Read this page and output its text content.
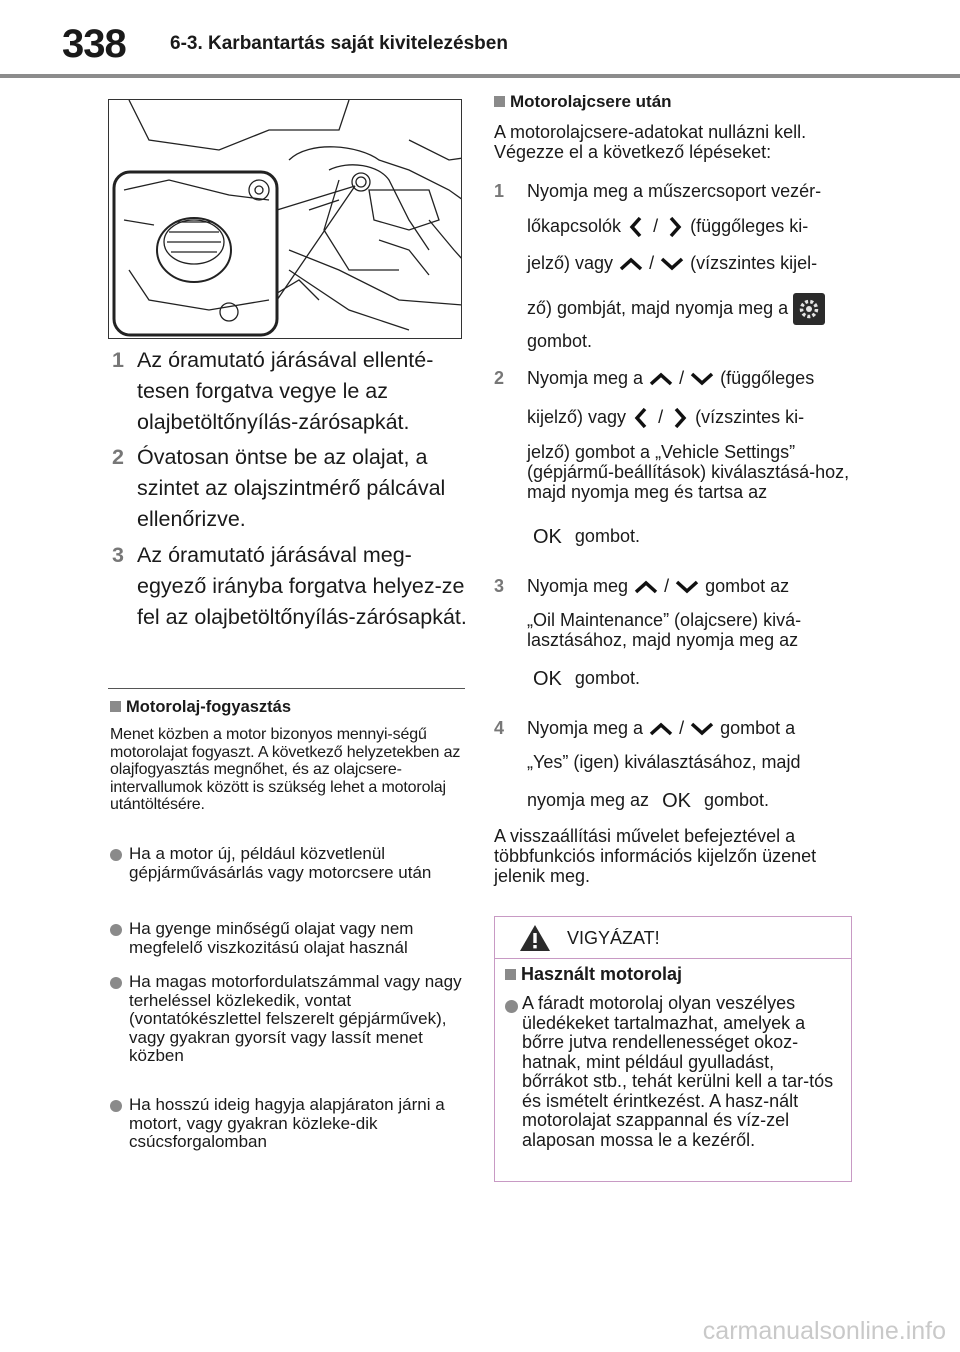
338 6-3. Karbantartás saját kivitelezésben
1 Az óramutató járásával ellenté-tesen forgatva vegye le az olajbetöltőnyílás-zárósapkát.
2 Óvatosan öntse be az olajat, a szintet az olajszintmérő pálcával ellenőrizve.
3 Az óramutató járásával meg-egyező irányba forgatva helyez-ze fel az olajbetöltőnyílás-zárósapkát.
Motorolaj-fogyasztás
Menet közben a motor bizonyos mennyi-ségű motorolajat fogyaszt. A következő helyzetekben az olajfogyasztás megnőhet, és az olajcsere-intervallumok között is szükség lehet a motorolaj utántöltésére.
Ha a motor új, például közvetlenül gépjárművásárlás vagy motorcsere után
Ha gyenge minőségű olajat vagy nem megfelelő viszkozitású olajat használ
Ha magas motorfordulatszámmal vagy nagy terheléssel közlekedik, vontat (vontatókészlettel felszerelt gépjárművek), vagy gyakran gyorsít vagy lassít menet közben
Ha hosszú ideig hagyja alapjáraton járni a motort, vagy gyakran közleke-dik csúcsforgalomban
Motorolajcsere után
A motorolajcsere-adatokat nullázni kell. Végezze el a következő lépéseket:
1 Nyomja meg a műszercsoport vezér-
lőkapcsolók / (függőleges ki-
jelző) vagy / (vízszintes kijel-
ző) gombját, majd nyomja meg a
gombot.
2 Nyomja meg a / (függőleges
kijelző) vagy / (vízszintes ki-
jelző) gombot a „Vehicle Settings” (gépjármű-beállítások) kiválasztásá-hoz, majd nyomja meg és tartsa az
OK gombot.
3 Nyomja meg / gombot az
„Oil Maintenance” (olajcsere) kivá-lasztásához, majd nyomja meg az
OK gombot.
4 Nyomja meg a / gombot a
„Yes” (igen) kiválasztásához, majd
nyomja meg az OK gombot.
A visszaállítási művelet befejeztével a többfunkciós információs kijelzőn üzenet jelenik meg.
VIGYÁZAT!
Használt motorolaj
A fáradt motorolaj olyan veszélyes üledékeket tartalmazhat, amelyek a bőrre jutva rendellenességet okoz-hatnak, mint például gyulladást, bőrrákot stb., tehát kerülni kell a tar-tós és ismételt érintkezést. A hasz-nált motorolajat szappannal és víz-zel alaposan mossa le a kezéről.
carmanualsonline.info
